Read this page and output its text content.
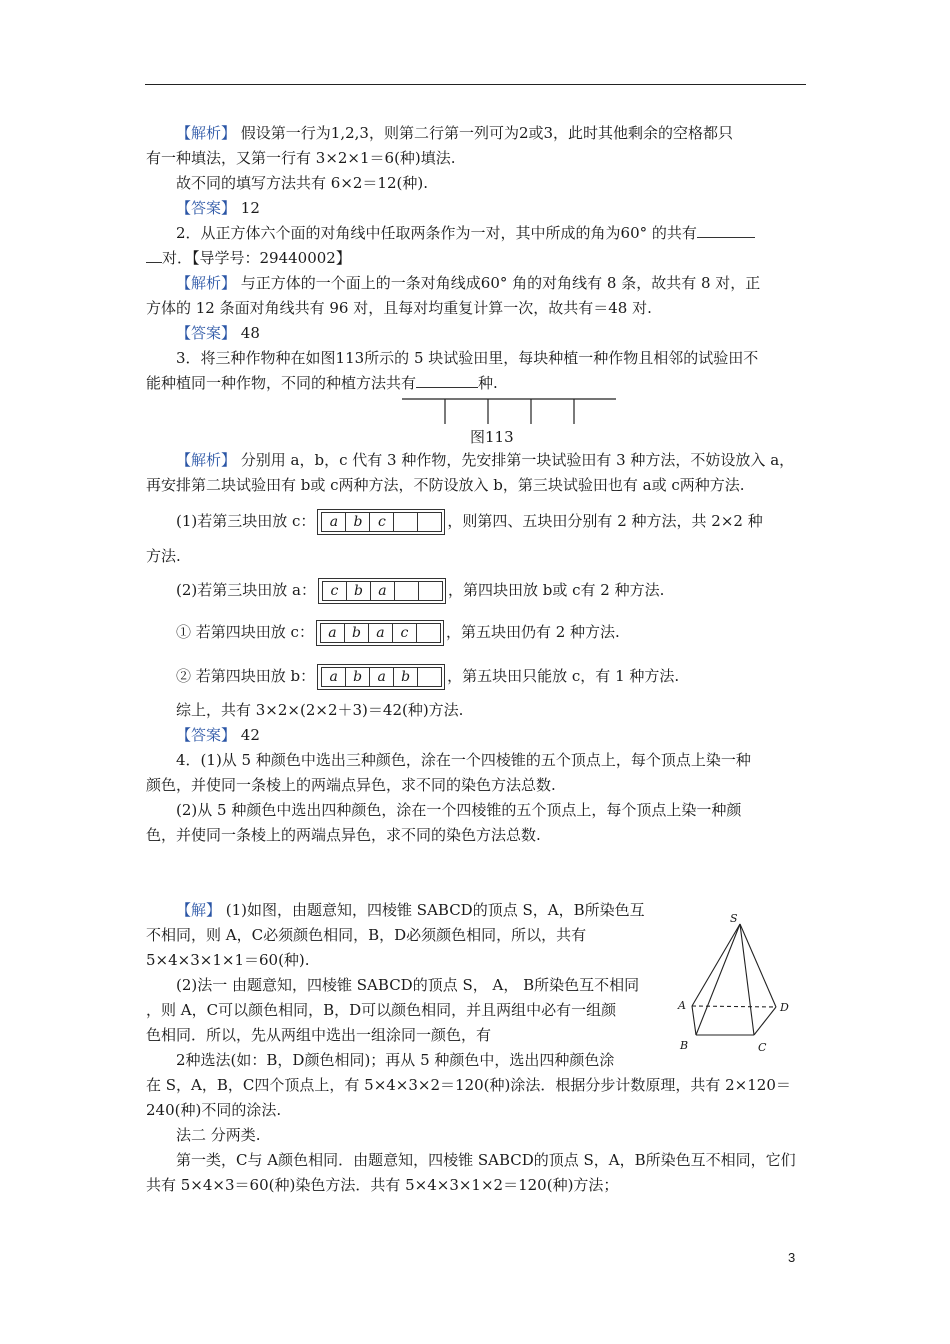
【解析】 假设第一行为1,2,3，则第二行第一列可为2或3，此时其他剩余的空格都只
有一种填法，又第一行有 3×2×1＝6(种)填法.
故不同的填写方法共有 6×2＝12(种).
【答案】 12
2．从正方体六个面的对角线中任取两条作为一对，其中所成的角为60° 的共有
对．【导学号：29440002】
【解析】 与正方体的一个面上的一条对角线成60° 角的对角线有 8 条，故共有 8 对，正
方体的 12 条面对角线共有 96 对，且每对均重复计算一次，故共有＝48 对.
【答案】 48
3．将三种作物种在如图113所示的 5 块试验田里，每块种植一种作物且相邻的试验田不
能种植同一种作物，不同的种植方法共有	种.
图113
【解析】 分别用 a，b，c 代有 3 种作物，先安排第一块试验田有 3 种方法，不妨设放入 a，
再安排第二块试验田有 b或 c两种方法，不防设放入 b，第三块试验田也有 a或 c两种方法.
(1)若第三块田放 c： a b c	，则第四、五块田分别有 2 种方法，共 2×2 种
方法.
(2)若第三块田放 a： c b a	，第四块田放 b或 c有 2 种方法.
① 若第四块田放 c： a b a c	，第五块田仍有 2 种方法.
② 若第四块田放 b： a b a b ，第五块田只能放 c，有 1 种方法.
综上，共有 3×2×(2×2＋3)＝42(种)方法.
【答案】 42
4．(1)从 5 种颜色中选出三种颜色，涂在一个四棱锥的五个顶点上，每个顶点上染一种
颜色，并使同一条棱上的两端点异色，求不同的染色方法总数.
(2)从 5 种颜色中选出四种颜色，涂在一个四棱锥的五个顶点上，每个顶点上染一种颜
色，并使同一条棱上的两端点异色，求不同的染色方法总数.
【解】 (1)如图，由题意知，四棱锥 SABCD的顶点 S，A，B所染色互
不相同，则 A，C必须颜色相同，B，D必须颜色相同，所以，共有
5×4×3×1×1＝60(种).
(2)法一 由题意知，四棱锥 SABCD的顶点 S， A， B所染色互不相同
，则 A，C可以颜色相同，B，D可以颜色相同，并且两组中必有一组颜
色相同．所以，先从两组中选出一组涂同一颜色，有
2种选法(如：B，D颜色相同)；再从 5 种颜色中，选出四种颜色涂
在 S，A，B，C四个顶点上，有 5×4×3×2＝120(种)涂法．根据分步计数原理，共有 2×120＝
240(种)不同的涂法.
法二 分两类.
第一类，C与 A颜色相同．由题意知，四棱锥 SABCD的顶点 S，A，B所染色互不相同，它们
共有 5×4×3＝60(种)染色方法．共有 5×4×3×1×2＝120(种)方法；
S
A
B	C
D
3
